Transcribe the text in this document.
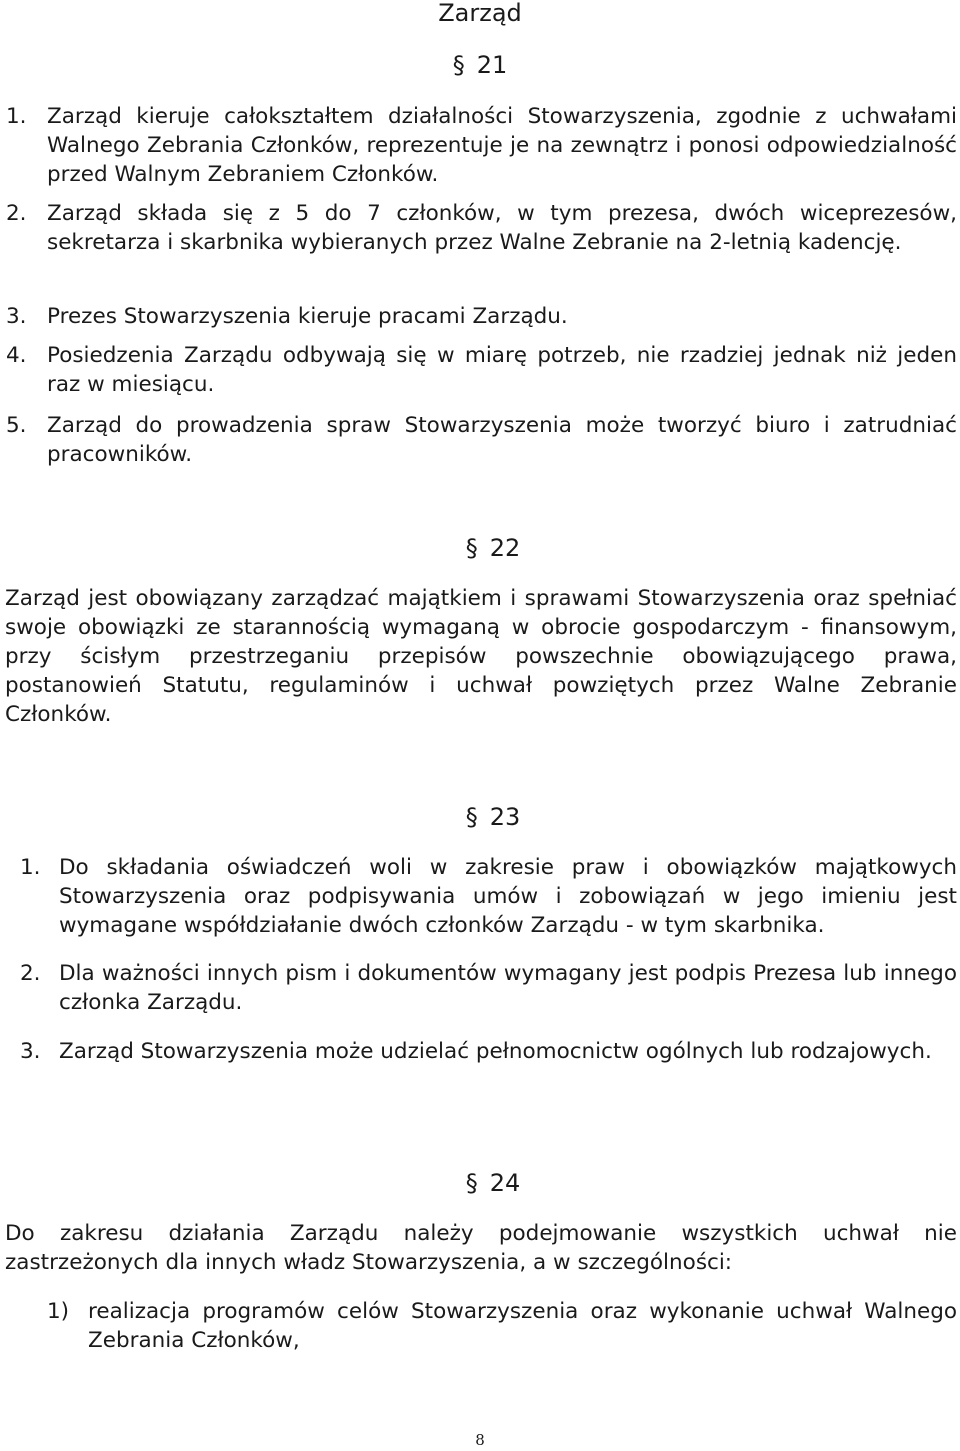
Zarząd
§ 21
1. Zarząd kieruje całokształtem działalności Stowarzyszenia, zgodnie z uchwałami Walnego Zebrania Członków, reprezentuje je na zewnątrz i ponosi odpowiedzialność przed Walnym Zebraniem Członków.
2. Zarząd składa się z 5 do 7 członków, w tym prezesa, dwóch wiceprezesów, sekretarza i skarbnika wybieranych przez Walne Zebranie na 2-letnią kadencję.
3. Prezes Stowarzyszenia kieruje pracami Zarządu.
4. Posiedzenia Zarządu odbywają się w miarę potrzeb, nie rzadziej jednak niż jeden raz w miesiącu.
5. Zarząd do prowadzenia spraw Stowarzyszenia może tworzyć biuro i zatrudniać pracowników.
§ 22
Zarząd jest obowiązany zarządzać majątkiem i sprawami Stowarzyszenia oraz spełniać swoje obowiązki ze starannością wymaganą w obrocie gospodarczym - finansowym, przy ścisłym przestrzeganiu przepisów powszechnie obowiązującego prawa, postanowień Statutu, regulaminów i uchwał powziętych przez Walne Zebranie Członków.
§ 23
1. Do składania oświadczeń woli w zakresie praw i obowiązków majątkowych Stowarzyszenia oraz podpisywania umów i zobowiązań w jego imieniu jest wymagane współdziałanie dwóch członków Zarządu - w tym skarbnika.
2. Dla ważności innych pism i dokumentów wymagany jest podpis Prezesa lub innego członka Zarządu.
3. Zarząd Stowarzyszenia może udzielać pełnomocnictw ogólnych lub rodzajowych.
§ 24
Do zakresu działania Zarządu należy podejmowanie wszystkich uchwał nie zastrzeżonych dla innych władz Stowarzyszenia, a w szczególności:
1) realizacja programów celów Stowarzyszenia oraz wykonanie uchwał Walnego Zebrania Członków,
8
